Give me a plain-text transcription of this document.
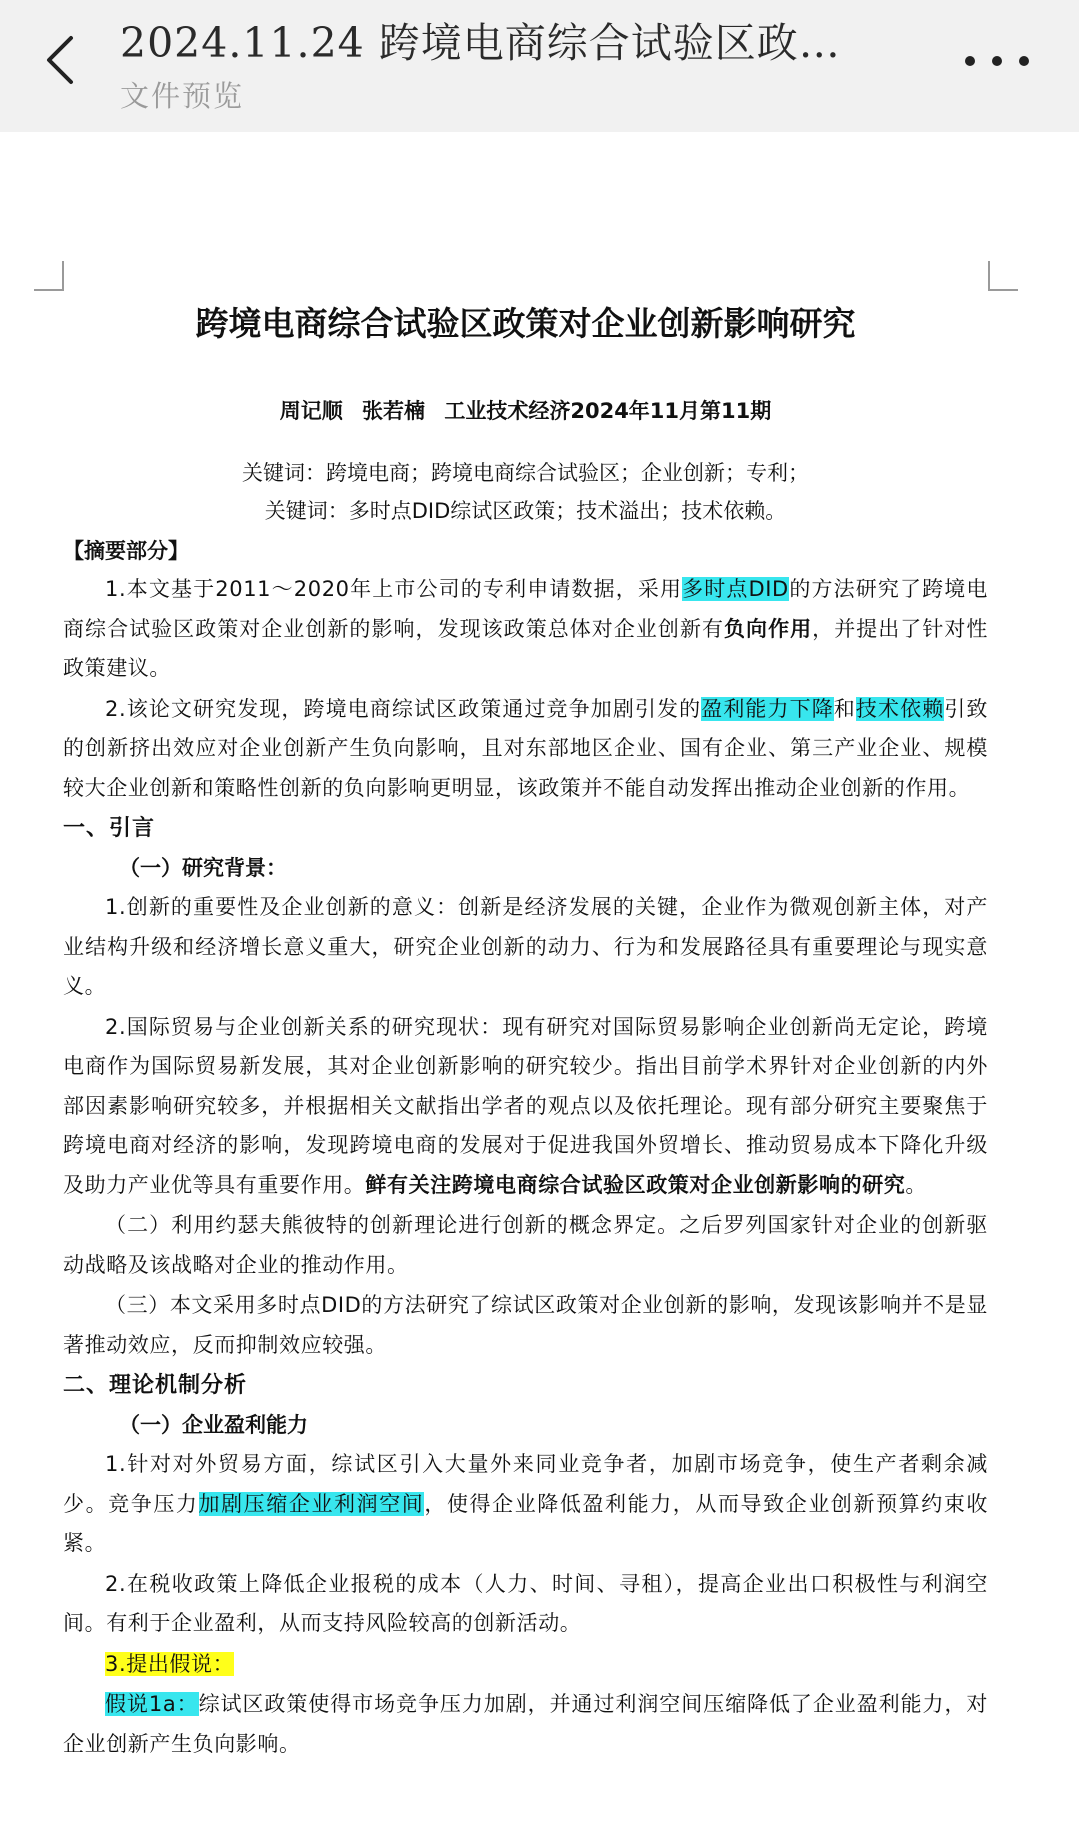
2024.11.24 跨境电商综合试验区政…
文件预览
跨境电商综合试验区政策对企业创新影响研究
周记顺 张若楠 工业技术经济2024年11月第11期
关键词：跨境电商；跨境电商综合试验区；企业创新；专利；
关键词：多时点DID综试区政策；技术溢出；技术依赖。
【摘要部分】

1.本文基于2011～2020年上市公司的专利申请数据，采用多时点DID的方法研究了跨境电商综合试验区政策对企业创新的影响，发现该政策总体对企业创新有负向作用，并提出了针对性政策建议。

2.该论文研究发现，跨境电商综试区政策通过竞争加剧引发的盈利能力下降和技术依赖引致的创新挤出效应对企业创新产生负向影响，且对东部地区企业、国有企业、第三产业企业、规模较大企业创新和策略性创新的负向影响更明显，该政策并不能自动发挥出推动企业创新的作用。

一、引言
（一）研究背景：

1.创新的重要性及企业创新的意义：创新是经济发展的关键，企业作为微观创新主体，对产业结构升级和经济增长意义重大，研究企业创新的动力、行为和发展路径具有重要理论与现实意义。

2.国际贸易与企业创新关系的研究现状：现有研究对国际贸易影响企业创新尚无定论，跨境电商作为国际贸易新发展，其对企业创新影响的研究较少。指出目前学术界针对企业创新的内外部因素影响研究较多，并根据相关文献指出学者的观点以及依托理论。现有部分研究主要聚焦于跨境电商对经济的影响，发现跨境电商的发展对于促进我国外贸增长、推动贸易成本下降化升级及助力产业优等具有重要作用。鲜有关注跨境电商综合试验区政策对企业创新影响的研究。

（二）利用约瑟夫熊彼特的创新理论进行创新的概念界定。之后罗列国家针对企业的创新驱动战略及该战略对企业的推动作用。

（三）本文采用多时点DID的方法研究了综试区政策对企业创新的影响，发现该影响并不是显著推动效应，反而抑制效应较强。

二、理论机制分析
（一）企业盈利能力

1.针对对外贸易方面，综试区引入大量外来同业竞争者，加剧市场竞争，使生产者剩余减少。竞争压力加剧压缩企业利润空间，使得企业降低盈利能力，从而导致企业创新预算约束收紧。

2.在税收政策上降低企业报税的成本（人力、时间、寻租），提高企业出口积极性与利润空间。有利于企业盈利，从而支持风险较高的创新活动。

3.提出假说：

假说1a：综试区政策使得市场竞争压力加剧，并通过利润空间压缩降低了企业盈利能力，对企业创新产生负向影响。
